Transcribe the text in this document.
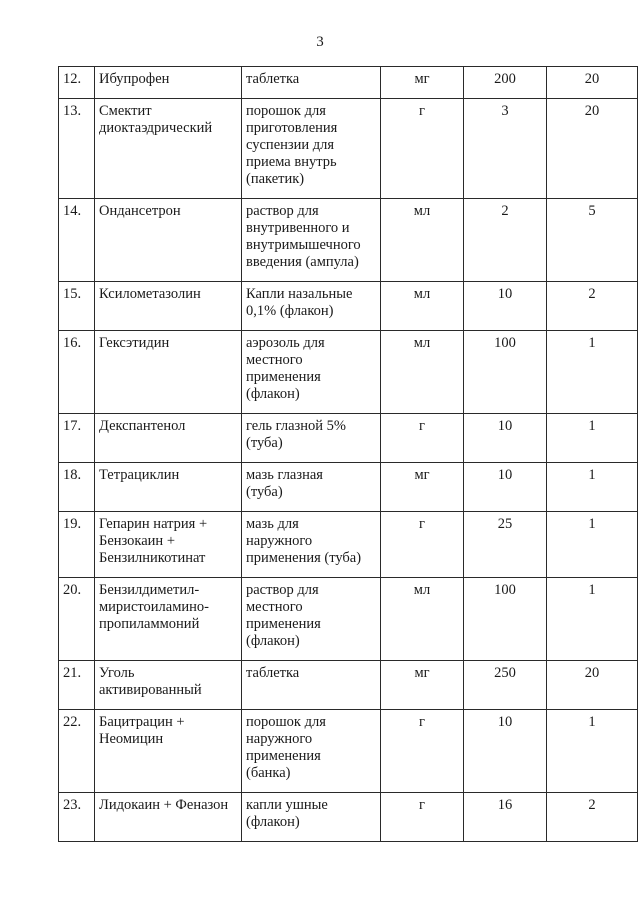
3
12.	Ибупрофен	таблетка	мг	200	20
13.	Смектит
диоктаэдрический	порошок для
приготовления
суспензии для
приема внутрь
(пакетик)	г	3	20
14.	Ондансетрон	раствор для
внутривенного и
внутримышечного
введения (ампула)	мл	2	5
15.	Ксилометазолин	Капли назальные
0,1% (флакон)	мл	10	2
16.	Гексэтидин	аэрозоль для
местного
применения
(флакон)	мл	100	1
17.	Декспантенол	гель глазной 5%
(туба)	г	10	1
18.	Тетрациклин	мазь глазная
(туба)	мг	10	1
19.	Гепарин натрия +
Бензокаин +
Бензилникотинат	мазь для
наружного
применения (туба)	г	25	1
20.	Бензилдиметил-
миристоиламино-
пропиламмоний	раствор для
местного
применения
(флакон)	мл	100	1
21.	Уголь
активированный	таблетка	мг	250	20
22.	Бацитрацин +
Неомицин	порошок для
наружного
применения
(банка)	г	10	1
23.	Лидокаин + Феназон	капли ушные
(флакон)	г	16	2
